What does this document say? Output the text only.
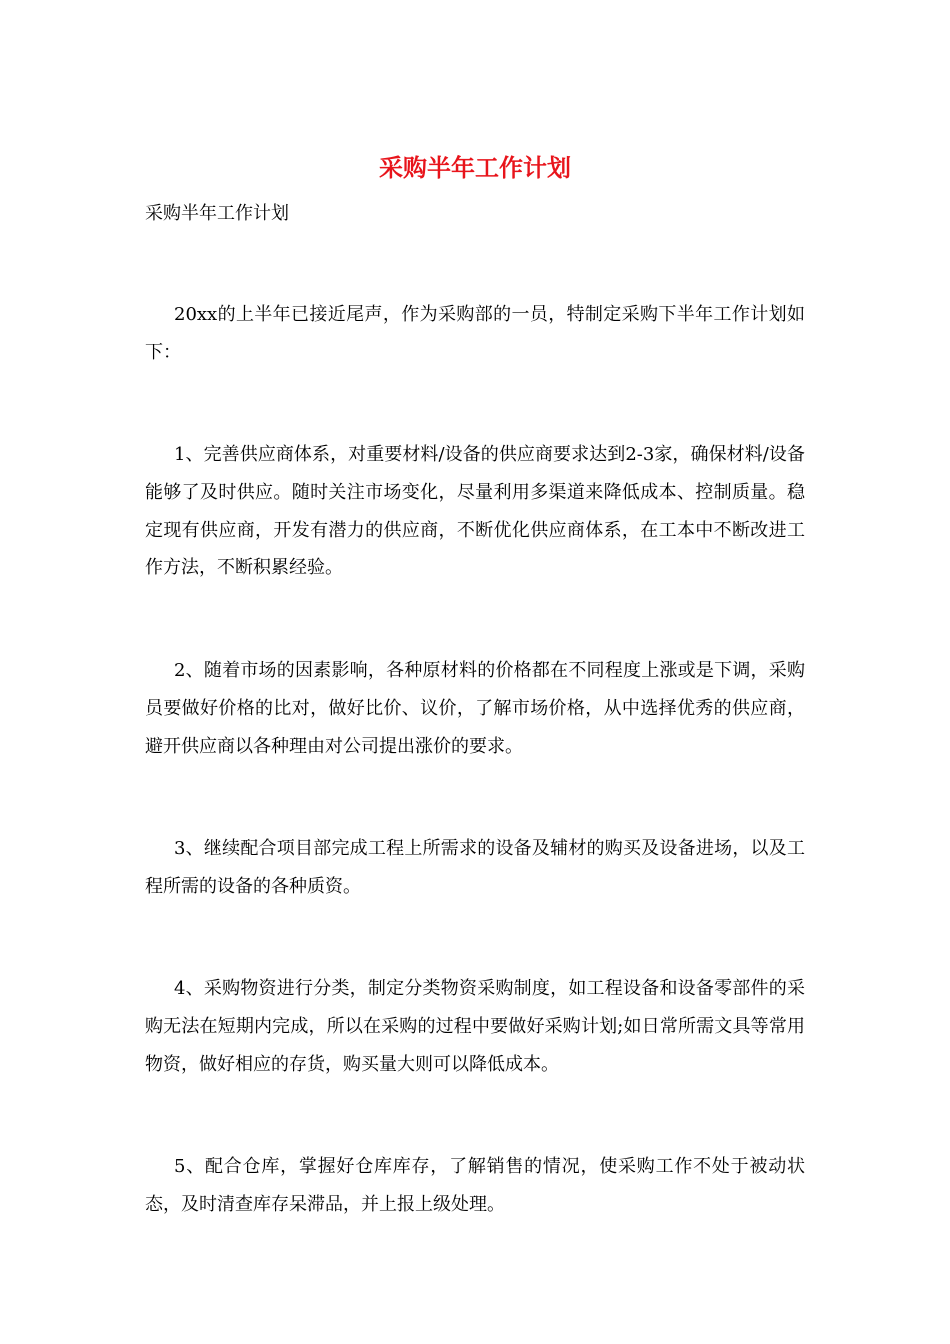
采购半年工作计划
采购半年工作计划

20xx的上半年已接近尾声，作为采购部的一员，特制定采购下半年工作计划如下：

1、完善供应商体系，对重要材料/设备的供应商要求达到2-3家，确保材料/设备能够了及时供应。随时关注市场变化，尽量利用多渠道来降低成本、控制质量。稳定现有供应商，开发有潜力的供应商，不断优化供应商体系，在工本中不断改进工作方法，不断积累经验。

2、随着市场的因素影响，各种原材料的价格都在不同程度上涨或是下调，采购员要做好价格的比对，做好比价、议价，了解市场价格，从中选择优秀的供应商，避开供应商以各种理由对公司提出涨价的要求。

3、继续配合项目部完成工程上所需求的设备及辅材的购买及设备进场，以及工程所需的设备的各种质资。

4、采购物资进行分类，制定分类物资采购制度，如工程设备和设备零部件的采购无法在短期内完成，所以在采购的过程中要做好采购计划;如日常所需文具等常用物资，做好相应的存货，购买量大则可以降低成本。

5、配合仓库，掌握好仓库库存，了解销售的情况，使采购工作不处于被动状态，及时清查库存呆滞品，并上报上级处理。
